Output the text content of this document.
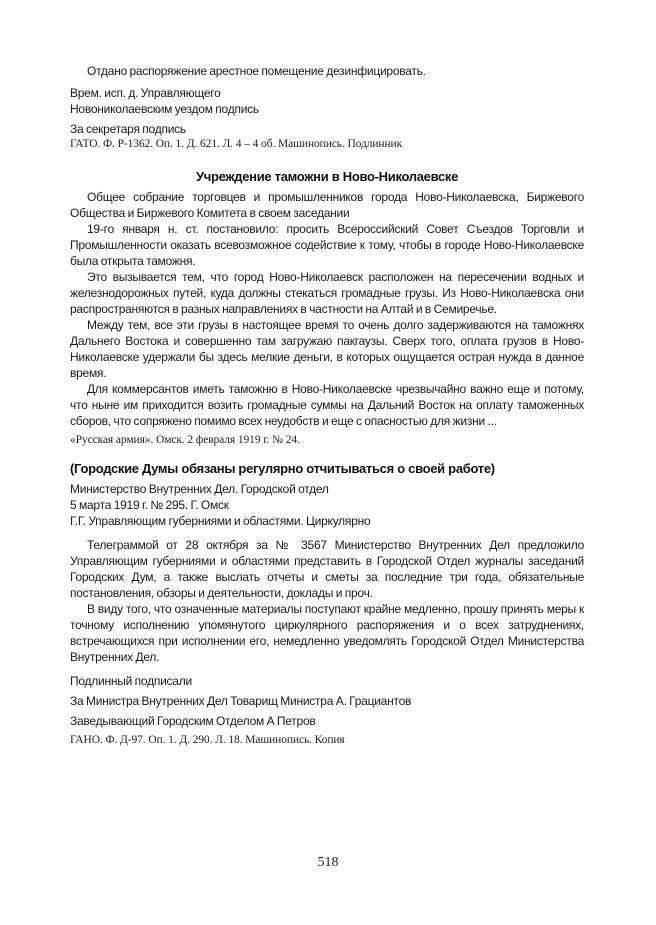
Отдано распоряжение арестное помещение дезинфицировать.

Врем. исп. д. Управляющего

Новониколаевским уездом подпись

За секретаря подпись

ГАТО. Ф. Р-1362. Оп. 1. Д. 621. Л. 4 – 4 об. Машинопись. Подлинник

Учреждение таможни в Ново-Николаевске

Общее собрание торговцев и промышленников города Ново-Николаевска, Биржевого Общества и Биржевого Комитета в своем заседании

19-го января н. ст. постановило: просить Всероссийский Совет Съездов Торговли и Промышленности оказать всевозможное содействие к тому, чтобы в городе Ново-Николаевске была открыта таможня.

Это вызывается тем, что город Ново-Николаевск расположен на пересечении водных и железнодорожных путей, куда должны стекаться громадные грузы. Из Ново-Николаевска они распространяются в разных направлениях в частности на Алтай и в Семиречье.

Между тем, все эти грузы в настоящее время то очень долго задерживаются на таможнях Дальнего Востока и совершенно там загружаю пакгаузы. Сверх того, оплата грузов в Ново-Николаевске удержали бы здесь мелкие деньги, в которых ощущается острая нужда в данное время.

Для коммерсантов иметь таможню в Ново-Николаевске чрезвычайно важно еще и потому, что ныне им приходится возить громадные суммы на Дальний Восток на оплату таможенных сборов, что сопряжено помимо всех неудобств и еще с опасностью для жизни ...

«Русская армия». Омск. 2 февраля 1919 г. № 24.

(Городские Думы обязаны регулярно отчитываться о своей работе)

Министерство Внутренних Дел. Городской отдел

5 марта 1919 г. № 295. Г. Омск

Г.Г. Управляющим губерниями и областями. Циркулярно

Телеграммой от 28 октября за № 3567 Министерство Внутренних Дел предложило Управляющим губерниями и областями представить в Городской Отдел журналы заседаний Городских Дум, а также выслать отчеты и сметы за последние три года, обязательные постановления, обзоры и деятельности, доклады и проч.

В виду того, что означенные материалы поступают крайне медленно, прошу принять меры к точному исполнению упомянутого циркулярного распоряжения и о всех затруднениях, встречающихся при исполнении его, немедленно уведомлять Городской Отдел Министерства Внутренних Дел.

Подлинный подписали

За Министра Внутренних Дел Товарищ Министра А. Грациантов

Заведывающий Городским Отделом А Петров

ГАНО. Ф. Д-97. Оп. 1. Д. 290. Л. 18. Машинопись. Копия

518
